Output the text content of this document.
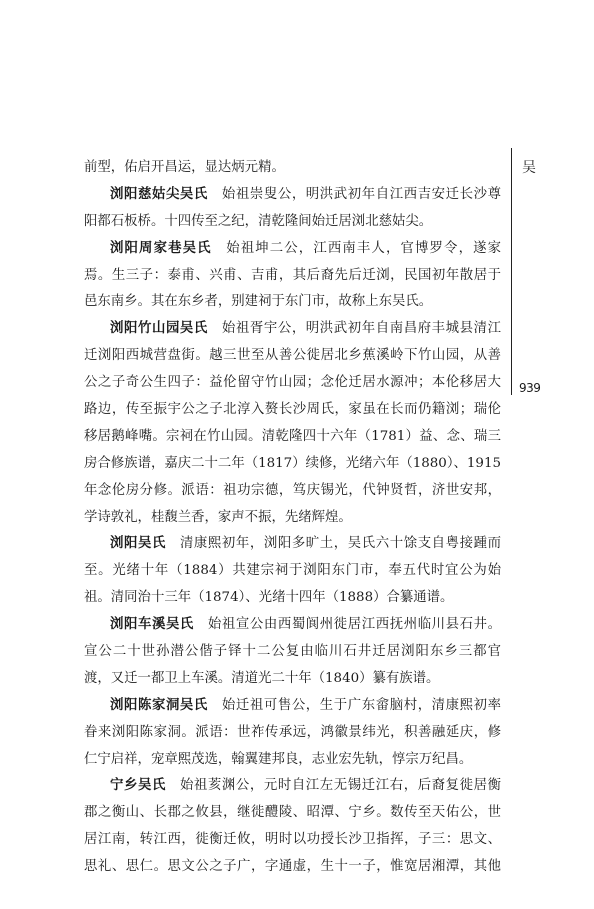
吴
939
前型，佑启开昌运，显达炳元精。
浏阳慈姑尖吴氏　始祖崇叟公，明洪武初年自江西吉安迁长沙尊
阳都石板桥。十四传至之纪，清乾隆间始迁居浏北慈姑尖。
浏阳周家巷吴氏　始祖坤二公，江西南丰人，官博罗令，遂家
焉。生三子：泰甫、兴甫、吉甫，其后裔先后迁浏，民国初年散居于
邑东南乡。其在东乡者，别建祠于东门市，故称上东吴氏。
浏阳竹山园吴氏　始祖胥宇公，明洪武初年自南昌府丰城县清江
迁浏阳西城营盘街。越三世至从善公徙居北乡蕉溪岭下竹山园，从善
公之子奇公生四子：益伦留守竹山园；念伦迁居水源冲；本伦移居大
路边，传至振宇公之子北淳入赘长沙周氏，家虽在长而仍籍浏；瑞伦
移居鹅峰嘴。宗祠在竹山园。清乾隆四十六年（1781）益、念、瑞三
房合修族谱，嘉庆二十二年（1817）续修，光绪六年（1880）、1915
年念伦房分修。派语：祖功宗德，笃庆锡光，代钟贤哲，济世安邦，
学诗敦礼，桂馥兰香，家声不振，先绪辉煌。
浏阳吴氏　清康熙初年，浏阳多旷土，吴氏六十馀支自粤接踵而
至。光绪十年（1884）共建宗祠于浏阳东门市，奉五代时宜公为始
祖。清同治十三年（1874）、光绪十四年（1888）合纂通谱。
浏阳车溪吴氏　始祖宣公由西蜀阆州徙居江西抚州临川县石井。
宣公二十世孙潜公偕子铎十二公复由临川石井迁居浏阳东乡三都官
渡，又迁一都卫上车溪。清道光二十年（1840）纂有族谱。
浏阳陈家洞吴氏　始迁祖可售公，生于广东畲脑村，清康熙初率
眷来浏阳陈家洞。派语：世祚传承远，鸿徽景纬光，积善融延庆，修
仁宁启祥，宠章熙茂选，翰翼建邦良，志业宏先轨，惇宗万纪昌。
宁乡吴氏　始祖荄渊公，元时自江左无锡迁江右，后裔复徙居衡
郡之衡山、长郡之攸县，继徙醴陵、昭潭、宁乡。数传至天佑公，世
居江南，转江西，徙衡迁攸，明时以功授长沙卫指挥，子三：思文、
思礼、思仁。思文公之子广，字通虚，生十一子，惟宽居湘潭，其他
